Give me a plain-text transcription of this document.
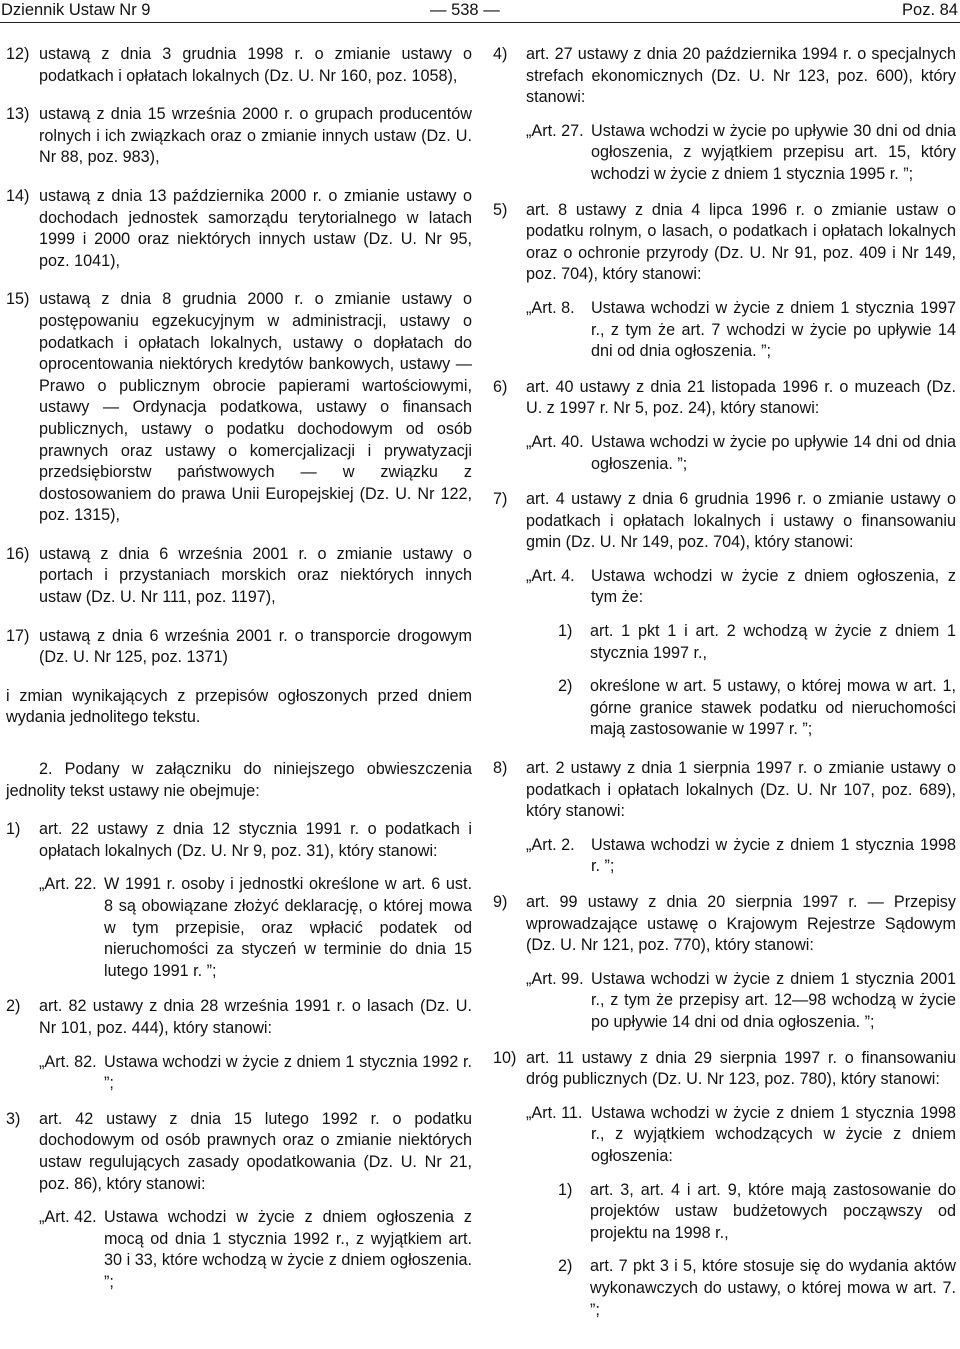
Dziennik Ustaw Nr 9	— 538 —	Poz. 84

12) ustawą z dnia 3 grudnia 1998 r. o zmianie ustawy o podatkach i opłatach lokalnych (Dz. U. Nr 160, poz. 1058),

13) ustawą z dnia 15 września 2000 r. o grupach producentów rolnych i ich związkach oraz o zmianie innych ustaw (Dz. U. Nr 88, poz. 983),

14) ustawą z dnia 13 października 2000 r. o zmianie ustawy o dochodach jednostek samorządu terytorialnego w latach 1999 i 2000 oraz niektórych innych ustaw (Dz. U. Nr 95, poz. 1041),

15) ustawą z dnia 8 grudnia 2000 r. o zmianie ustawy o postępowaniu egzekucyjnym w administracji, ustawy o podatkach i opłatach lokalnych, ustawy o dopłatach do oprocentowania niektórych kredytów bankowych, ustawy — Prawo o publicznym obrocie papierami wartościowymi, ustawy — Ordynacja podatkowa, ustawy o finansach publicznych, ustawy o podatku dochodowym od osób prawnych oraz ustawy o komercjalizacji i prywatyzacji przedsiębiorstw państwowych — w związku z dostosowaniem do prawa Unii Europejskiej (Dz. U. Nr 122, poz. 1315),

16) ustawą z dnia 6 września 2001 r. o zmianie ustawy o portach i przystaniach morskich oraz niektórych innych ustaw (Dz. U. Nr 111, poz. 1197),

17) ustawą z dnia 6 września 2001 r. o transporcie drogowym (Dz. U. Nr 125, poz. 1371)

i zmian wynikających z przepisów ogłoszonych przed dniem wydania jednolitego tekstu.

2. Podany w załączniku do niniejszego obwieszczenia jednolity tekst ustawy nie obejmuje:

1) art. 22 ustawy z dnia 12 stycznia 1991 r. o podatkach i opłatach lokalnych (Dz. U. Nr 9, poz. 31), który stanowi:

„Art. 22. W 1991 r. osoby i jednostki określone w art. 6 ust. 8 są obowiązane złożyć deklarację, o której mowa w tym przepisie, oraz wpłacić podatek od nieruchomości za styczeń w terminie do dnia 15 lutego 1991 r. ”;

2) art. 82 ustawy z dnia 28 września 1991 r. o lasach (Dz. U. Nr 101, poz. 444), który stanowi:

„Art. 82. Ustawa wchodzi w życie z dniem 1 stycznia 1992 r. ”;

3) art. 42 ustawy z dnia 15 lutego 1992 r. o podatku dochodowym od osób prawnych oraz o zmianie niektórych ustaw regulujących zasady opodatkowania (Dz. U. Nr 21, poz. 86), który stanowi:

„Art. 42. Ustawa wchodzi w życie z dniem ogłoszenia z mocą od dnia 1 stycznia 1992 r., z wyjątkiem art. 30 i 33, które wchodzą w życie z dniem ogłoszenia. ”;

4) art. 27 ustawy z dnia 20 października 1994 r. o specjalnych strefach ekonomicznych (Dz. U. Nr 123, poz. 600), który stanowi:

„Art. 27. Ustawa wchodzi w życie po upływie 30 dni od dnia ogłoszenia, z wyjątkiem przepisu art. 15, który wchodzi w życie z dniem 1 stycznia 1995 r. ”;

5) art. 8 ustawy z dnia 4 lipca 1996 r. o zmianie ustaw o podatku rolnym, o lasach, o podatkach i opłatach lokalnych oraz o ochronie przyrody (Dz. U. Nr 91, poz. 409 i Nr 149, poz. 704), który stanowi:

„Art. 8. Ustawa wchodzi w życie z dniem 1 stycznia 1997 r., z tym że art. 7 wchodzi w życie po upływie 14 dni od dnia ogłoszenia. ”;

6) art. 40 ustawy z dnia 21 listopada 1996 r. o muzeach (Dz. U. z 1997 r. Nr 5, poz. 24), który stanowi:

„Art. 40. Ustawa wchodzi w życie po upływie 14 dni od dnia ogłoszenia. ”;

7) art. 4 ustawy z dnia 6 grudnia 1996 r. o zmianie ustawy o podatkach i opłatach lokalnych i ustawy o finansowaniu gmin (Dz. U. Nr 149, poz. 704), który stanowi:

„Art. 4. Ustawa wchodzi w życie z dniem ogłoszenia, z tym że:

1) art. 1 pkt 1 i art. 2 wchodzą w życie z dniem 1 stycznia 1997 r.,

2) określone w art. 5 ustawy, o której mowa w art. 1, górne granice stawek podatku od nieruchomości mają zastosowanie w 1997 r. ”;

8) art. 2 ustawy z dnia 1 sierpnia 1997 r. o zmianie ustawy o podatkach i opłatach lokalnych (Dz. U. Nr 107, poz. 689), który stanowi:

„Art. 2. Ustawa wchodzi w życie z dniem 1 stycznia 1998 r. ”;

9) art. 99 ustawy z dnia 20 sierpnia 1997 r. — Przepisy wprowadzające ustawę o Krajowym Rejestrze Sądowym (Dz. U. Nr 121, poz. 770), który stanowi:

„Art. 99. Ustawa wchodzi w życie z dniem 1 stycznia 2001 r., z tym że przepisy art. 12—98 wchodzą w życie po upływie 14 dni od dnia ogłoszenia. ”;

10) art. 11 ustawy z dnia 29 sierpnia 1997 r. o finansowaniu dróg publicznych (Dz. U. Nr 123, poz. 780), który stanowi:

„Art. 11. Ustawa wchodzi w życie z dniem 1 stycznia 1998 r., z wyjątkiem wchodzących w życie z dniem ogłoszenia:

1) art. 3, art. 4 i art. 9, które mają zastosowanie do projektów ustaw budżetowych począwszy od projektu na 1998 r.,

2) art. 7 pkt 3 i 5, które stosuje się do wydania aktów wykonawczych do ustawy, o której mowa w art. 7. ”;
